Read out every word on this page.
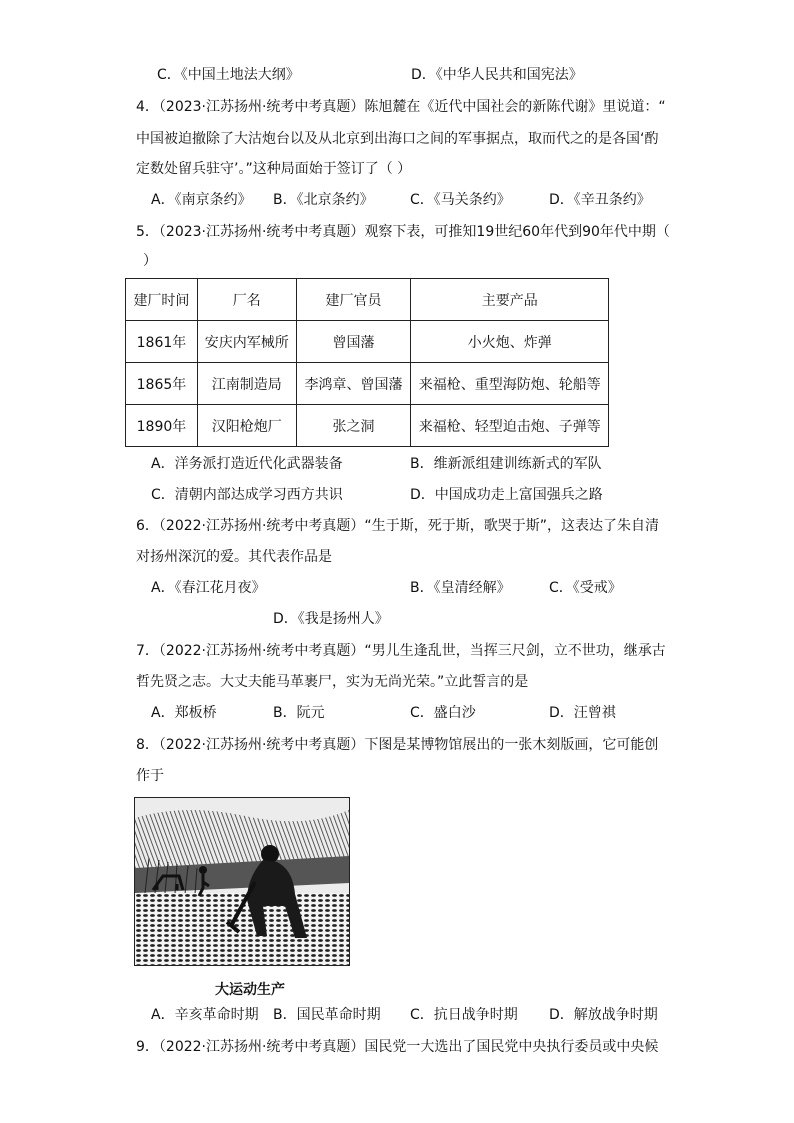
C．《中国土地法大纲》	D．《中华人民共和国宪法》
4．（2023·江苏扬州·统考中考真题）陈旭麓在《近代中国社会的新陈代谢》里说道：“
中国被迫撤除了大沽炮台以及从北京到出海口之间的军事据点，取而代之的是各国‘酌
定数处留兵驻守’。”这种局面始于签订了（ ）
A．《南京条约》 B．《北京条约》	C．《马关条约》	D．《辛丑条约》
5．（2023·江苏扬州·统考中考真题）观察下表，可推知19世纪60年代到90年代中期（
）
建厂时间	厂名	建厂官员	主要产品
1861年	安庆内军械所	曾国藩	小火炮、炸弹
1865年	江南制造局	李鸿章、曾国藩	来福枪、重型海防炮、轮船等
1890年	汉阳枪炮厂	张之洞	来福枪、轻型迫击炮、子弹等
A．洋务派打造近代化武器装备	B．维新派组建训练新式的军队
C．清朝内部达成学习西方共识	D．中国成功走上富国强兵之路
6．（2022·江苏扬州·统考中考真题）“生于斯，死于斯，歌哭于斯”，这表达了朱自清
对扬州深沉的爱。其代表作品是
A．《春江花月夜》	B．《皇清经解》	C．《受戒》
D．《我是扬州人》
7．（2022·江苏扬州·统考中考真题）“男儿生逢乱世，当挥三尺剑，立不世功，继承古
哲先贤之志。大丈夫能马革裹尸，实为无尚光荣。”立此誓言的是
A．郑板桥	B．阮元	C．盛白沙	D．汪曾祺
8．（2022·江苏扬州·统考中考真题）下图是某博物馆展出的一张木刻版画，它可能创
作于
大运动生产
A．辛亥革命时期 B．国民革命时期 C．抗日战争时期 D．解放战争时期
9．（2022·江苏扬州·统考中考真题）国民党一大选出了国民党中央执行委员或中央候
